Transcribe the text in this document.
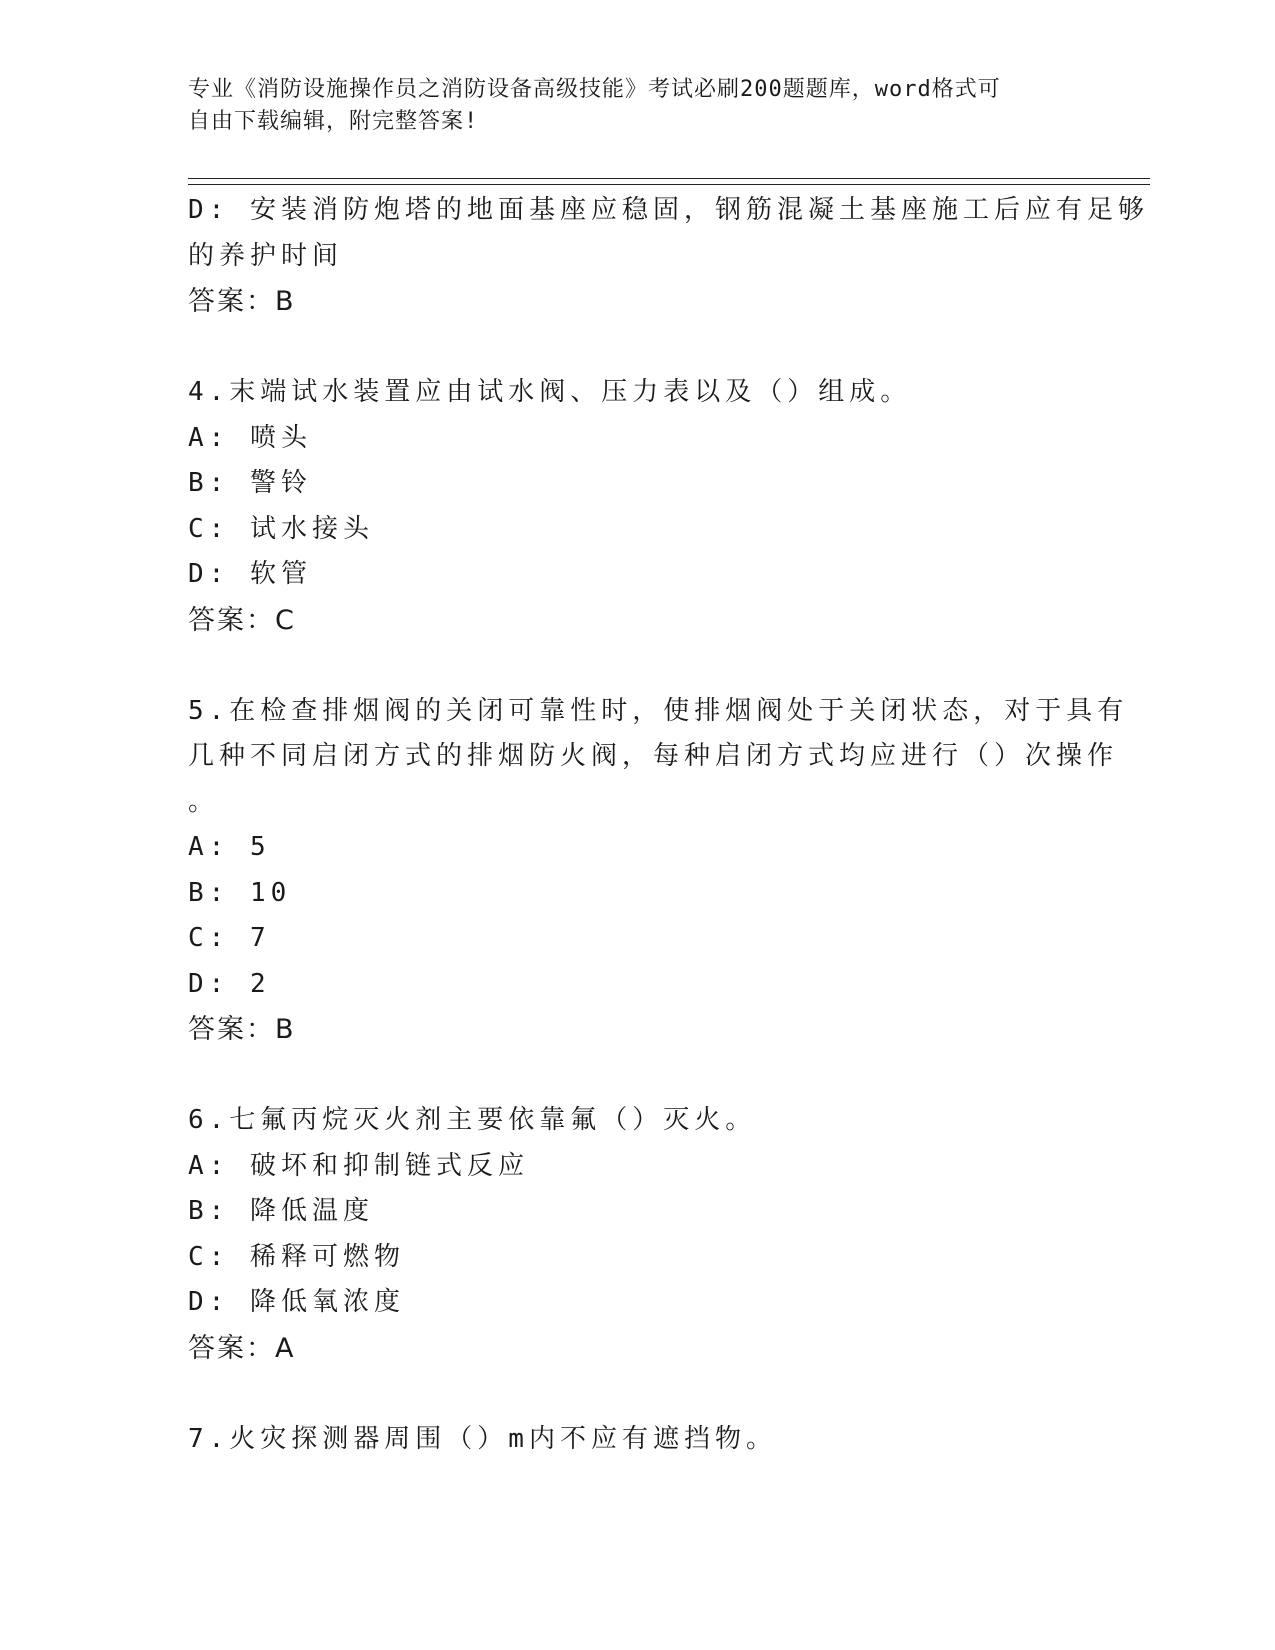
专业《消防设施操作员之消防设备高级技能》考试必刷200题题库，word格式可
自由下载编辑，附完整答案!
D: 安装消防炮塔的地面基座应稳固，钢筋混凝土基座施工后应有足够
的养护时间
答案：B
4.末端试水装置应由试水阀、压力表以及（）组成。
A: 喷头
B: 警铃
C: 试水接头
D: 软管
答案：C
5.在检查排烟阀的关闭可靠性时，使排烟阀处于关闭状态，对于具有
几种不同启闭方式的排烟防火阀，每种启闭方式均应进行（）次操作
。
A: 5
B: 10
C: 7
D: 2
答案：B
6.七氟丙烷灭火剂主要依靠氟（）灭火。
A: 破坏和抑制链式反应
B: 降低温度
C: 稀释可燃物
D: 降低氧浓度
答案：A
7.火灾探测器周围（）m内不应有遮挡物。
